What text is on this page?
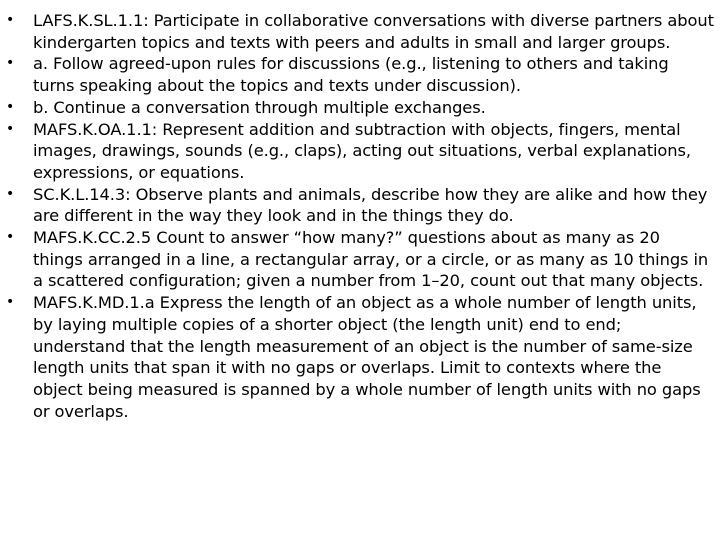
•	LAFS.K.SL.1.1: Participate in collaborative conversations with diverse partners about kindergarten topics and texts with peers and adults in small and larger groups.
•	a. Follow agreed-upon rules for discussions (e.g., listening to others and taking turns speaking about the topics and texts under discussion).
•	b. Continue a conversation through multiple exchanges.
•	MAFS.K.OA.1.1: Represent addition and subtraction with objects, fingers, mental images, drawings, sounds (e.g., claps), acting out situations, verbal explanations, expressions, or equations.
•	SC.K.L.14.3: Observe plants and animals, describe how they are alike and how they are different in the way they look and in the things they do.
•	MAFS.K.CC.2.5 Count to answer “how many?” questions about as many as 20 things arranged in a line, a rectangular array, or a circle, or as many as 10 things in a scattered configuration; given a number from 1–20, count out that many objects.
•	MAFS.K.MD.1.a Express the length of an object as a whole number of length units, by laying multiple copies of a shorter object (the length unit) end to end; understand that the length measurement of an object is the number of same-size length units that span it with no gaps or overlaps. Limit to contexts where the object being measured is spanned by a whole number of length units with no gaps or overlaps.
